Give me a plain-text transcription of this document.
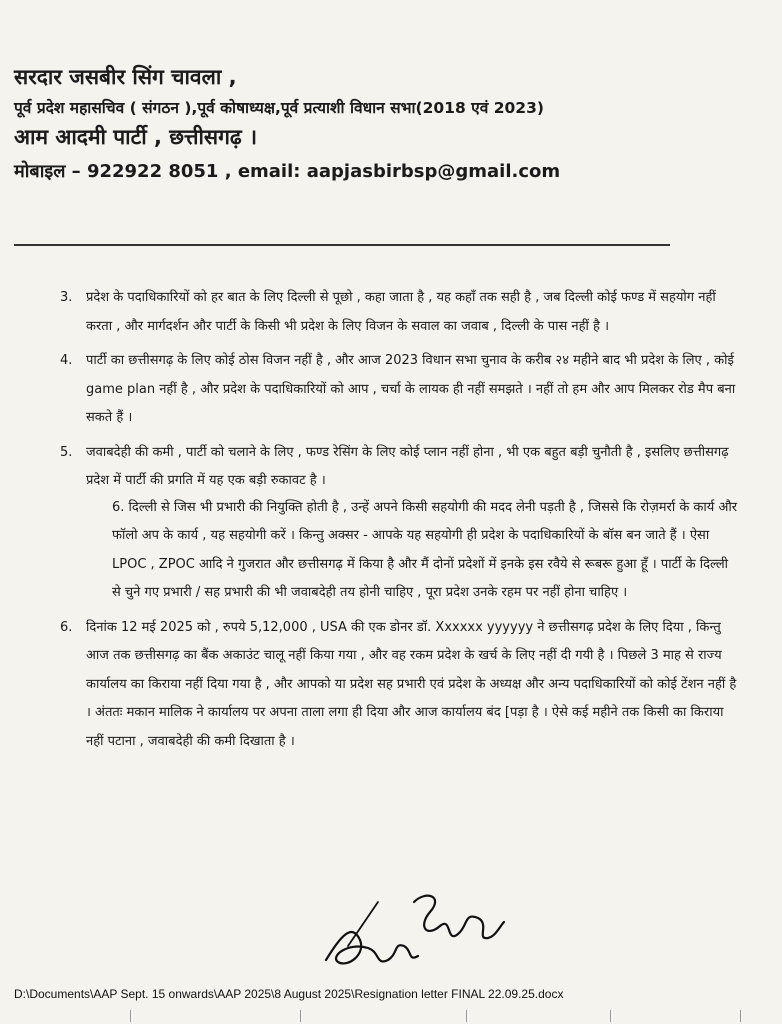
सरदार जसबीर सिंग चावला ,

पूर्व प्रदेश महासचिव ( संगठन ),पूर्व कोषाध्यक्ष,पूर्व प्रत्याशी विधान सभा(2018 एवं 2023)

आम आदमी पार्टी , छत्तीसगढ़ ।

मोबाइल – 922922 8051 , email: aapjasbirbsp@gmail.com

3. प्रदेश के पदाधिकारियों को हर बात के लिए दिल्ली से पूछो , कहा जाता है , यह कहाँ तक सही है , जब दिल्ली कोई फण्ड में सहयोग नहीं करता , और मार्गदर्शन और पार्टी के किसी भी प्रदेश के लिए विजन के सवाल का जवाब , दिल्ली के पास नहीं है ।

4. पार्टी का छत्तीसगढ़ के लिए कोई ठोस विजन नहीं है , और आज 2023 विधान सभा चुनाव के करीब २४ महीने बाद भी प्रदेश के लिए , कोई game plan नहीं है , और प्रदेश के पदाधिकारियों को आप , चर्चा के लायक ही नहीं समझते । नहीं तो हम और आप मिलकर रोड मैप बना सकते हैं ।

5. जवाबदेही की कमी , पार्टी को चलाने के लिए , फण्ड रेसिंग के लिए कोई प्लान नहीं होना , भी एक बहुत बड़ी चुनौती है , इसलिए छत्तीसगढ़ प्रदेश में पार्टी की प्रगति में यह एक बड़ी रुकावट है ।
6. दिल्ली से जिस भी प्रभारी की नियुक्ति होती है , उन्हें अपने किसी सहयोगी की मदद लेनी पड़ती है , जिससे कि रोज़मर्रा के कार्य और फॉलो अप के कार्य , यह सहयोगी करें । किन्तु अक्सर - आपके यह सहयोगी ही प्रदेश के पदाधिकारियों के बॉस बन जाते हैं । ऐसा LPOC , ZPOC आदि ने गुजरात और छत्तीसगढ़ में किया है और मैं दोनों प्रदेशों में इनके इस रवैये से रूबरू हुआ हूँ । पार्टी के दिल्ली से चुने गए प्रभारी / सह प्रभारी की भी जवाबदेही तय होनी चाहिए , पूरा प्रदेश उनके रहम पर नहीं होना चाहिए ।

6. दिनांक 12 मई 2025 को , रुपये 5,12,000 , USA की एक डोनर डॉ. Xxxxxx yyyyyy ने छत्तीसगढ़ प्रदेश के लिए दिया , किन्तु आज तक छत्तीसगढ़ का बैंक अकाउंट चालू नहीं किया गया , और वह रकम प्रदेश के खर्च के लिए नहीं दी गयी है । पिछले 3 माह से राज्य कार्यालय का किराया नहीं दिया गया है , और आपको या प्रदेश सह प्रभारी एवं प्रदेश के अध्यक्ष और अन्य पदाधिकारियों को कोई टेंशन नहीं है । अंततः मकान मालिक ने कार्यालय पर अपना ताला लगा ही दिया और आज कार्यालय बंद [पड़ा है । ऐसे कई महीने तक किसी का किराया नहीं पटाना , जवाबदेही की कमी दिखाता है ।

D:\Documents\AAP Sept. 15 onwards\AAP 2025\8 August 2025\Resignation letter FINAL 22.09.25.docx
